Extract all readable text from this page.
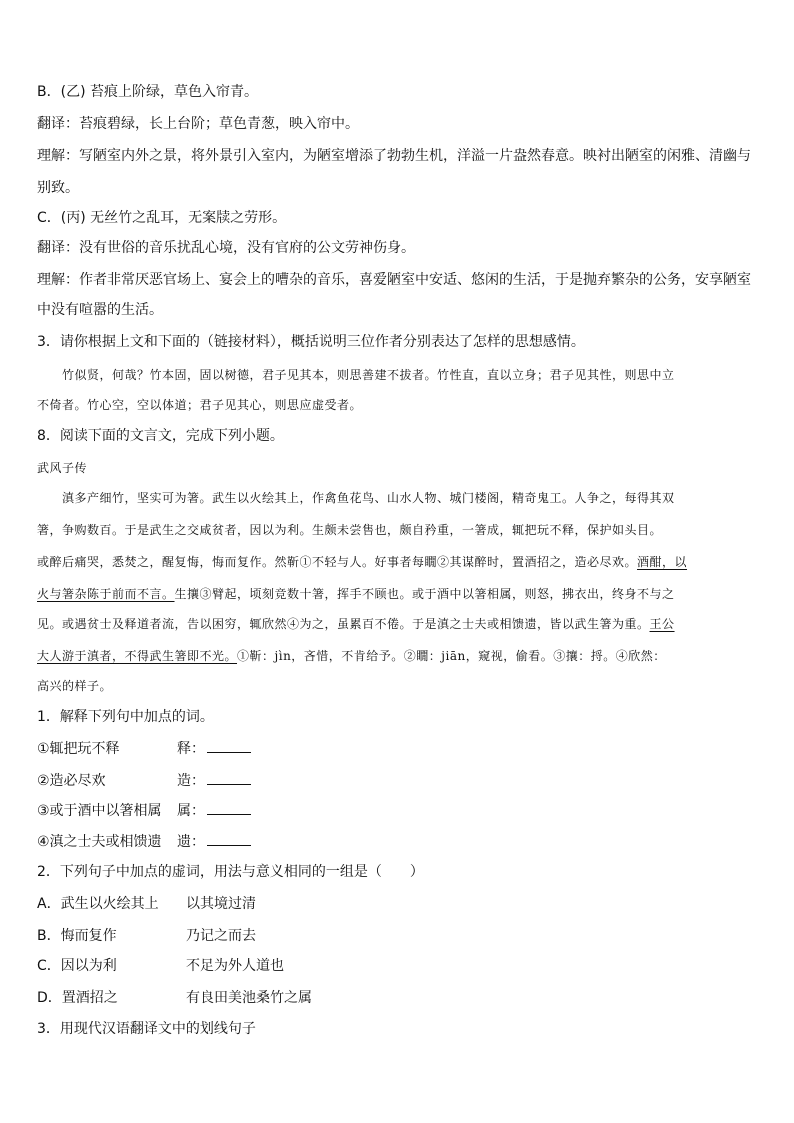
B．(乙) 苔痕上阶绿，草色入帘青。
翻译：苔痕碧绿，长上台阶；草色青葱，映入帘中。
理解：写陋室内外之景，将外景引入室内，为陋室增添了勃勃生机，洋溢一片盎然春意。映衬出陋室的闲雅、清幽与
别致。
C．(丙) 无丝竹之乱耳，无案牍之劳形。
翻译：没有世俗的音乐扰乱心境，没有官府的公文劳神伤身。
理解：作者非常厌恶官场上、宴会上的嘈杂的音乐，喜爱陋室中安适、悠闲的生活，于是抛弃繁杂的公务，安享陋室
中没有喧嚣的生活。
3．请你根据上文和下面的（链接材料），概括说明三位作者分别表达了怎样的思想感情。
竹似贤，何哉？竹本固，固以树德，君子见其本，则思善建不拔者。竹性直，直以立身；君子见其性，则思中立
不倚者。竹心空，空以体道；君子见其心，则思应虚受者。
8．阅读下面的文言文，完成下列小题。
武风子传
滇多产细竹，坚实可为箸。武生以火绘其上，作禽鱼花鸟、山水人物、城门楼阁，精奇鬼工。人争之，每得其双
箸，争购数百。于是武生之交咸贫者，因以为利。生颇未尝售也，颇自矜重，一箸成，辄把玩不释，保护如头目。
或醉后痛哭，悉焚之，醒复悔，悔而复作。然靳①不轻与人。好事者每瞯②其谋醉时，置酒招之，造必尽欢。酒酣，以
火与箸杂陈于前而不言。生攘③臂起，顷刻竞数十箸，挥手不顾也。或于酒中以箸相属，则怒，拂衣出，终身不与之
见。或遇贫士及释道者流，告以困穷，辄欣然④为之，虽累百不倦。于是滇之士夫或相馈遗，皆以武生箸为重。王公
大人游于滇者，不得武生箸即不光。①靳：jìn，吝惜，不肯给予。②瞯：jiān，窥视，偷看。③攘：捋。④欣然：
高兴的样子。
1．解释下列句中加点的词。
①辄把玩不释	释：
②造必尽欢	造：
③或于酒中以箸相属 属：
④滇之士夫或相馈遗 遗：
2．下列句子中加点的虚词，用法与意义相同的一组是（　　）
A．武生以火绘其上 以其境过清
B．悔而复作	乃记之而去
C．因以为利	不足为外人道也
D．置酒招之	有良田美池桑竹之属
3．用现代汉语翻译文中的划线句子
